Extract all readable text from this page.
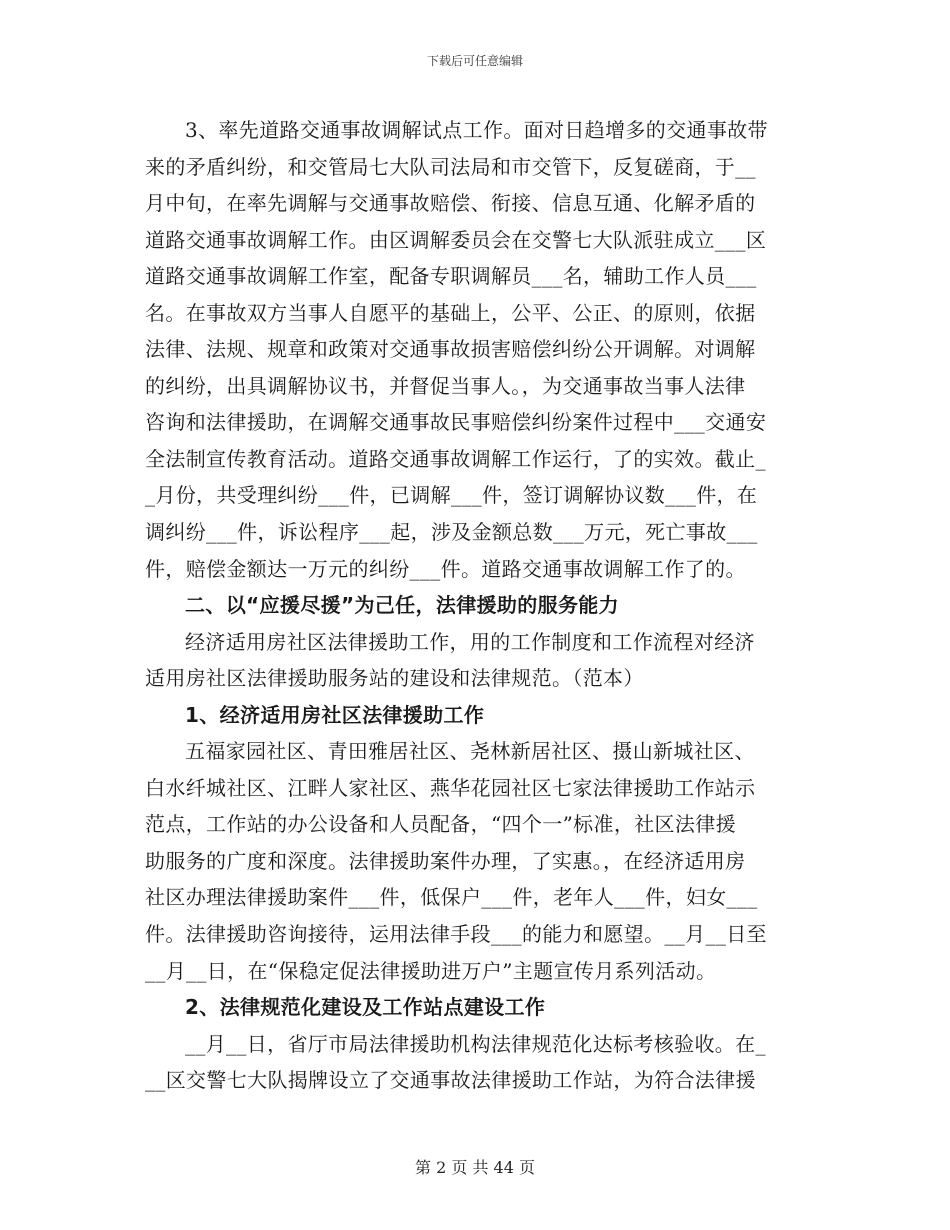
下载后可任意编辑
3、率先道路交通事故调解试点工作。面对日趋增多的交通事故带
来的矛盾纠纷，和交管局七大队司法局和市交管下，反复磋商，于__
月中旬，在率先调解与交通事故赔偿、衔接、信息互通、化解矛盾的
道路交通事故调解工作。由区调解委员会在交警七大队派驻成立___区
道路交通事故调解工作室，配备专职调解员___名，辅助工作人员___
名。在事故双方当事人自愿平的基础上，公平、公正、的原则，依据
法律、法规、规章和政策对交通事故损害赔偿纠纷公开调解。对调解
的纠纷，出具调解协议书，并督促当事人。，为交通事故当事人法律
咨询和法律援助，在调解交通事故民事赔偿纠纷案件过程中___交通安
全法制宣传教育活动。道路交通事故调解工作运行，了的实效。截止_
_月份，共受理纠纷___件，已调解___件，签订调解协议数___件，在
调纠纷___件，诉讼程序___起，涉及金额总数___万元，死亡事故___
件，赔偿金额达一万元的纠纷___件。道路交通事故调解工作了的。
二、以“应援尽援”为己任，法律援助的服务能力
经济适用房社区法律援助工作，用的工作制度和工作流程对经济
适用房社区法律援助服务站的建设和法律规范。（范本）
1、经济适用房社区法律援助工作
五福家园社区、青田雅居社区、尧林新居社区、摄山新城社区、
白水纤城社区、江畔人家社区、燕华花园社区七家法律援助工作站示
范点，工作站的办公设备和人员配备，“四个一”标准，社区法律援
助服务的广度和深度。法律援助案件办理，了实惠。，在经济适用房
社区办理法律援助案件___件，低保户___件，老年人___件，妇女___
件。法律援助咨询接待，运用法律手段___的能力和愿望。__月__日至
__月__日，在“保稳定促法律援助进万户”主题宣传月系列活动。
2、法律规范化建设及工作站点建设工作
__月__日，省厅市局法律援助机构法律规范化达标考核验收。在_
__区交警七大队揭牌设立了交通事故法律援助工作站，为符合法律援
第 2 页 共 44 页
